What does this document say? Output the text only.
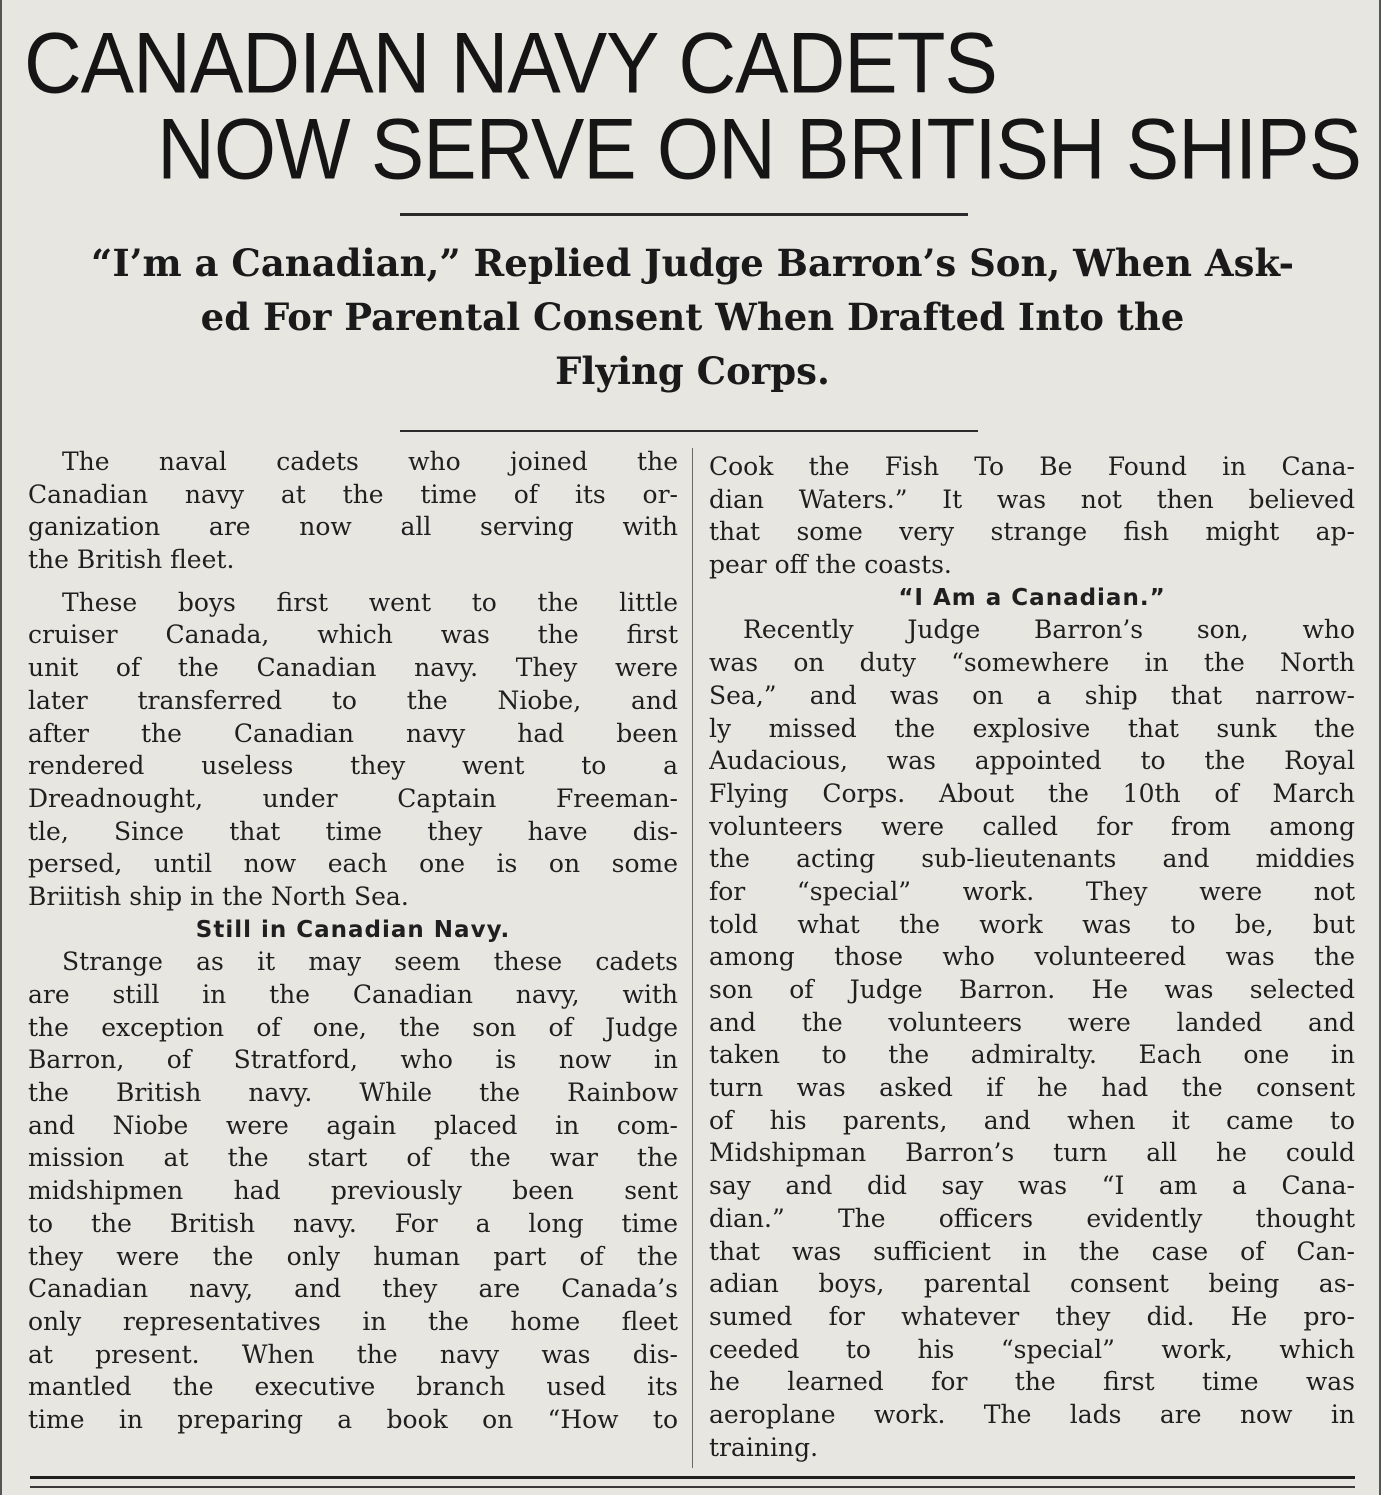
CANADIAN NAVY CADETS
NOW SERVE ON BRITISH SHIPS
“I’m a Canadian,” Replied Judge Barron’s Son, When Ask-
ed For Parental Consent When Drafted Into the
Flying Corps.
The naval cadets who joined the
Canadian navy at the time of its or-
ganization are now all serving with
the British fleet.
These boys first went to the little
cruiser Canada, which was the first
unit of the Canadian navy. They were
later transferred to the Niobe, and
after the Canadian navy had been
rendered useless they went to a
Dreadnought, under Captain Freeman-
tle, Since that time they have dis-
persed, until now each one is on some
Briitish ship in the North Sea.
Still in Canadian Navy.
Strange as it may seem these cadets
are still in the Canadian navy, with
the exception of one, the son of Judge
Barron, of Stratford, who is now in
the British navy. While the Rainbow
and Niobe were again placed in com-
mission at the start of the war the
midshipmen had previously been sent
to the British navy. For a long time
they were the only human part of the
Canadian navy, and they are Canada’s
only representatives in the home fleet
at present. When the navy was dis-
mantled the executive branch used its
time in preparing a book on “How to
Cook the Fish To Be Found in Cana-
dian Waters.” It was not then believed
that some very strange fish might ap-
pear off the coasts.
“I Am a Canadian.”
Recently Judge Barron’s son, who
was on duty “somewhere in the North
Sea,” and was on a ship that narrow-
ly missed the explosive that sunk the
Audacious, was appointed to the Royal
Flying Corps. About the 10th of March
volunteers were called for from among
the acting sub-lieutenants and middies
for “special” work. They were not
told what the work was to be, but
among those who volunteered was the
son of Judge Barron. He was selected
and the volunteers were landed and
taken to the admiralty. Each one in
turn was asked if he had the consent
of his parents, and when it came to
Midshipman Barron’s turn all he could
say and did say was “I am a Cana-
dian.” The officers evidently thought
that was sufficient in the case of Can-
adian boys, parental consent being as-
sumed for whatever they did. He pro-
ceeded to his “special” work, which
he learned for the first time was
aeroplane work. The lads are now in
training.
